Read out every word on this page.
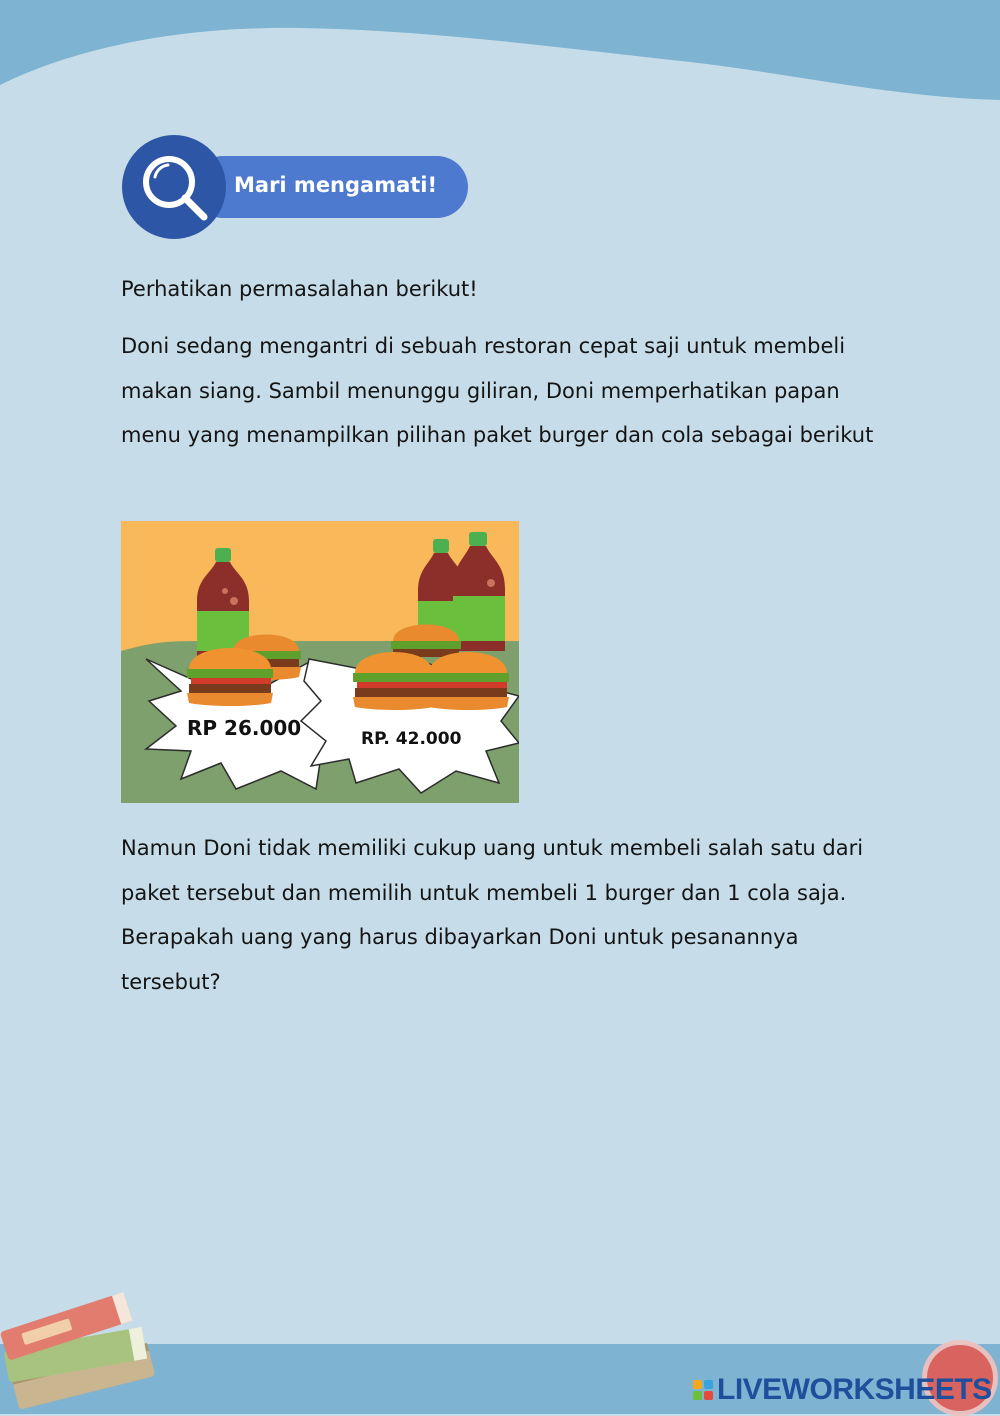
Mari mengamati!

Perhatikan permasalahan berikut!

Doni sedang mengantri di sebuah restoran cepat saji untuk membeli makan siang. Sambil menunggu giliran, Doni memperhatikan papan menu yang menampilkan pilihan paket burger dan cola sebagai berikut

RP 26.000	RP. 42.000

Namun Doni tidak memiliki cukup uang untuk membeli salah satu dari paket tersebut dan memilih untuk membeli 1 burger dan 1 cola saja. Berapakah uang yang harus dibayarkan Doni untuk pesanannya tersebut?

LIVEWORKSHEETS
